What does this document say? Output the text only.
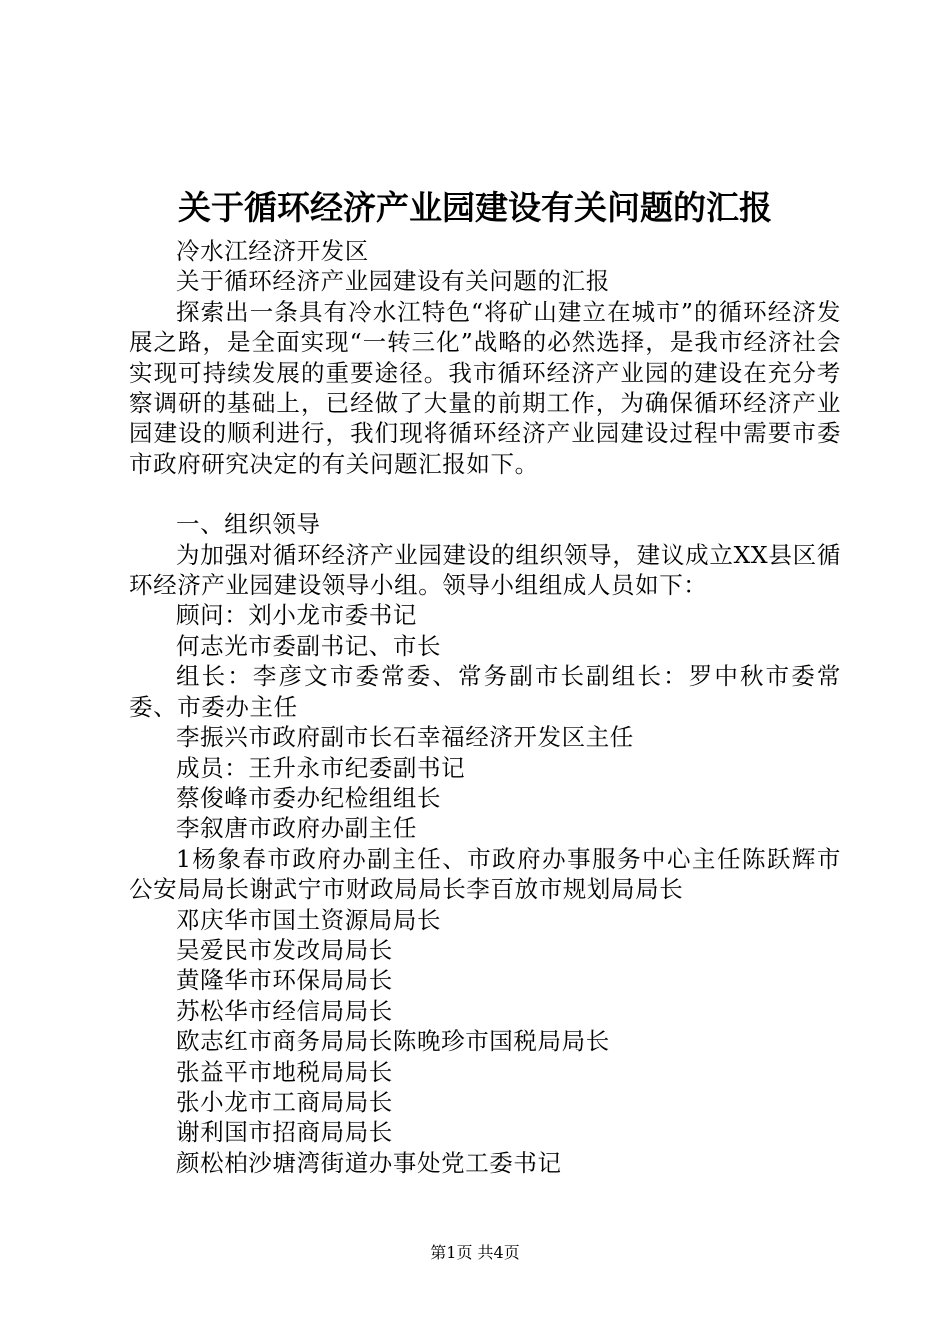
关于循环经济产业园建设有关问题的汇报

冷水江经济开发区

关于循环经济产业园建设有关问题的汇报

探索出一条具有冷水江特色“将矿山建立在城市”的循环经济发展之路，是全面实现“一转三化”战略的必然选择，是我市经济社会实现可持续发展的重要途径。我市循环经济产业园的建设在充分考察调研的基础上，已经做了大量的前期工作，为确保循环经济产业园建设的顺利进行，我们现将循环经济产业园建设过程中需要市委市政府研究决定的有关问题汇报如下。

一、组织领导

为加强对循环经济产业园建设的组织领导，建议成立XX县区循环经济产业园建设领导小组。领导小组组成人员如下：

顾问：刘小龙市委书记

何志光市委副书记、市长

组长：李彦文市委常委、常务副市长副组长：罗中秋市委常委、市委办主任

李振兴市政府副市长石幸福经济开发区主任

成员：王升永市纪委副书记

蔡俊峰市委办纪检组组长

李叙唐市政府办副主任

1杨象春市政府办副主任、市政府办事服务中心主任陈跃辉市公安局局长谢武宁市财政局局长李百放市规划局局长

邓庆华市国土资源局局长

吴爱民市发改局局长

黄隆华市环保局局长

苏松华市经信局局长

欧志红市商务局局长陈晚珍市国税局局长

张益平市地税局局长

张小龙市工商局局长

谢利国市招商局局长

颜松柏沙塘湾街道办事处党工委书记

第1页 共4页
